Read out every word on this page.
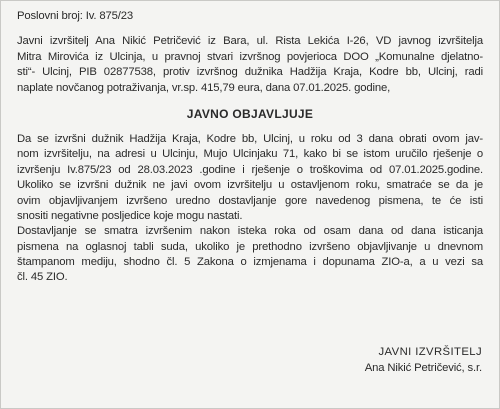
Poslovni broj: Iv. 875/23
Javni izvršitelj Ana Nikić Petričević iz Bara, ul. Rista Lekića I-26, VD javnog izvršitelja
Mitra Mirovića iz Ulcinja, u pravnoj stvari izvršnog povjerioca DOO „Komunalne djelatno-
sti“- Ulcinj, PIB 02877538, protiv izvršnog dužnika Hadžija Kraja, Kodre bb, Ulcinj, radi
naplate novčanog potraživanja, vr.sp. 415,79 eura, dana 07.01.2025. godine,
JAVNO OBJAVLJUJE
Da se izvršni dužnik Hadžija Kraja, Kodre bb, Ulcinj, u roku od 3 dana obrati ovom jav-
nom izvršitelju, na adresi u Ulcinju, Mujo Ulcinjaku 71, kako bi se istom uručilo rješenje o
izvršenju Iv.875/23 od 28.03.2023 .godine i rješenje o troškovima od 07.01.2025.godine.
Ukoliko se izvršni dužnik ne javi ovom izvršitelju u ostavljenom roku, smatraće se da je
ovim objavljivanjem izvršeno uredno dostavljanje gore navedenog pismena, te će isti
snositi negativne posljedice koje mogu nastati.
Dostavljanje se smatra izvršenim nakon isteka roka od osam dana od dana isticanja
pismena na oglasnoj tabli suda, ukoliko je prethodno izvršeno objavljivanje u dnevnom
štampanom mediju, shodno čl. 5 Zakona o izmjenama i dopunama ZIO-a, a u vezi sa
čl. 45 ZIO.
JAVNI IZVRŠITELJ
Ana Nikić Petričević, s.r.
